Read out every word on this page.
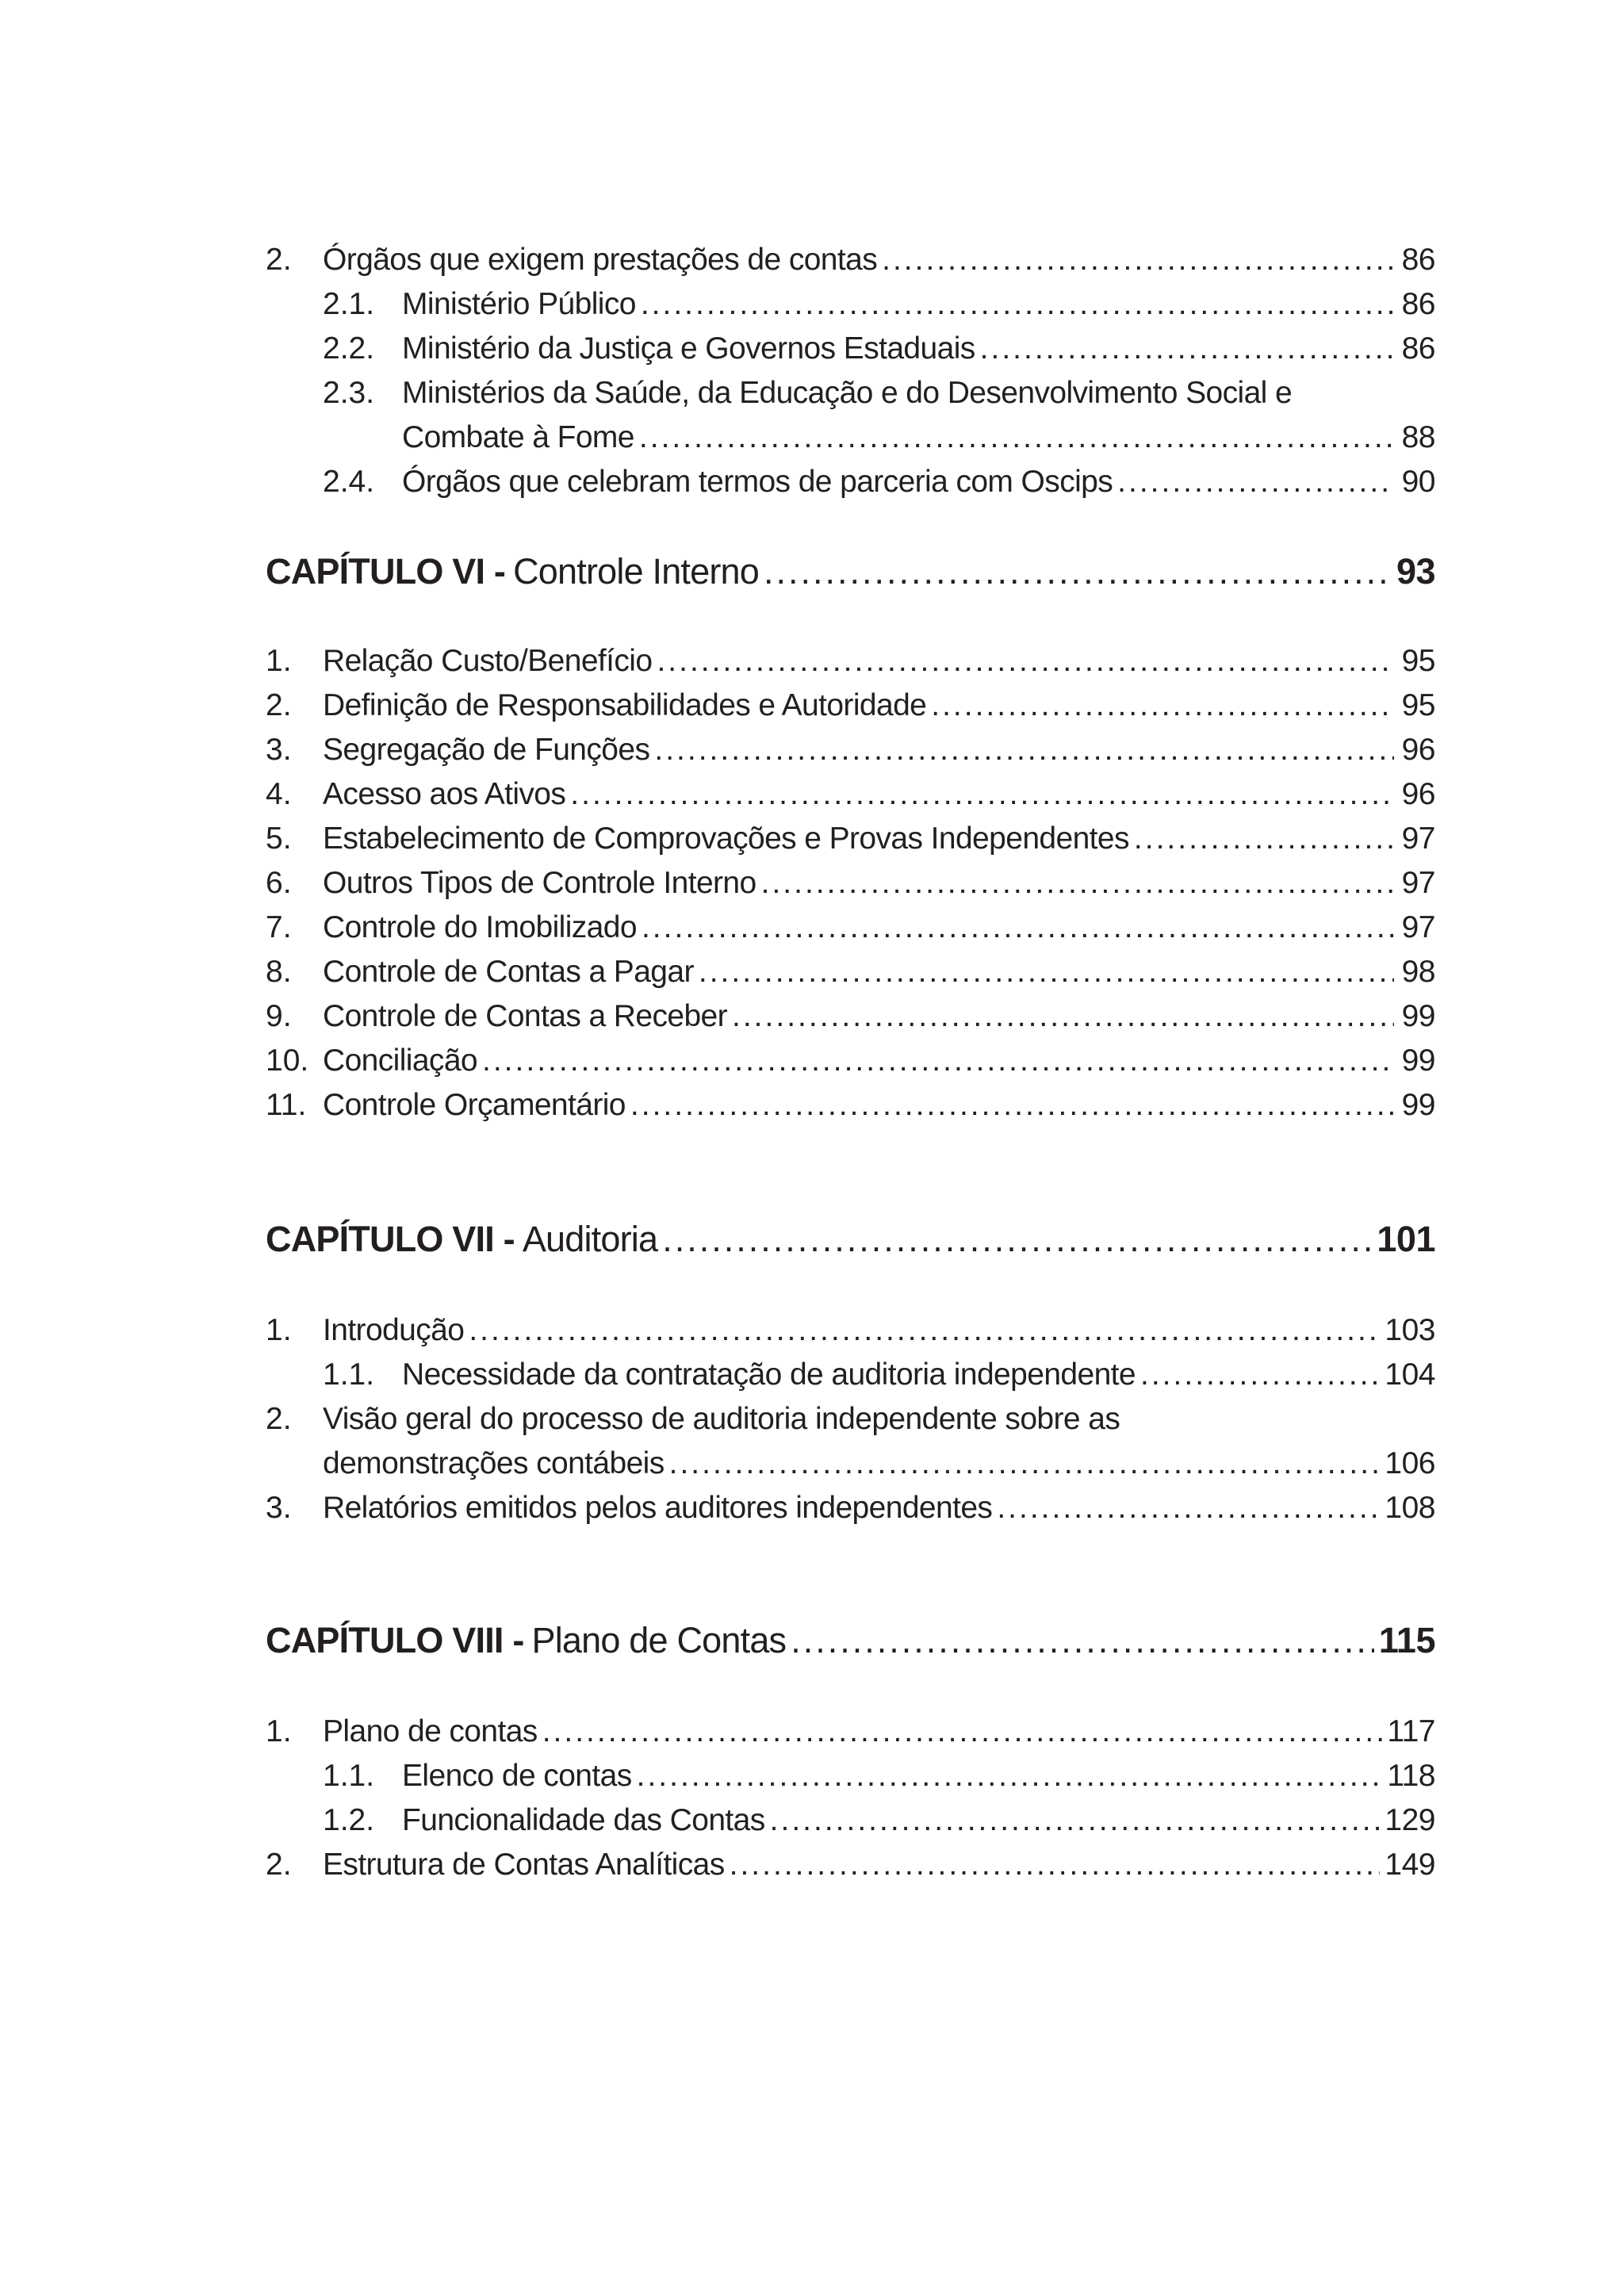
2.	Órgãos que exigem prestações de contas .....	86
2.1. Ministério Público .....	86
2.2. Ministério da Justiça e Governos Estaduais .....	86
2.3. Ministérios da Saúde, da Educação e do Desenvolvimento Social e
Combate à Fome .....	88
2.4. Órgãos que celebram termos de parceria com Oscips .....	90
CAPÍTULO VI - Controle Interno .....	93
1.	Relação Custo/Benefício .....	95
2.	Definição de Responsabilidades e Autoridade .....	95
3.	Segregação de Funções .....	96
4.	Acesso aos Ativos .....	96
5.	Estabelecimento de Comprovações e Provas Independentes .....	97
6.	Outros Tipos de Controle Interno .....	97
7.	Controle do Imobilizado .....	97
8.	Controle de Contas a Pagar .....	98
9.	Controle de Contas a Receber .....	99
10. Conciliação .....	99
11. Controle Orçamentário .....	99
CAPÍTULO VII - Auditoria .....	101
1.	Introdução .....	103
1.1. Necessidade da contratação de auditoria independente .....	104
2.	Visão geral do processo de auditoria independente sobre as
demonstrações contábeis .....	106
3.	Relatórios emitidos pelos auditores independentes .....	108
CAPÍTULO VIII - Plano de Contas .....	115
1.	Plano de contas .....	117
1.1. Elenco de contas .....	118
1.2. Funcionalidade das Contas .....	129
2.	Estrutura de Contas Analíticas .....	149
